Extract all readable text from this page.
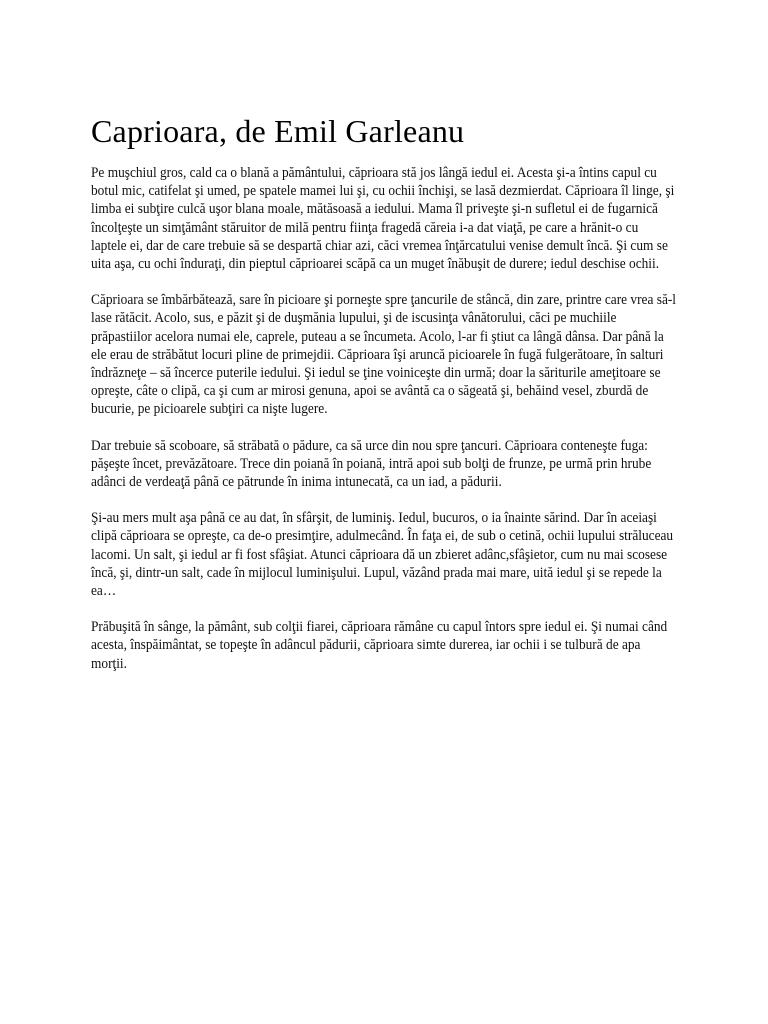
Caprioara, de Emil Garleanu

Pe muşchiul gros, cald ca o blană a pământului, căprioara stă jos lângă iedul ei. Acesta şi-a întins capul cu botul mic, catifelat şi umed, pe spatele mamei lui şi, cu ochii închişi, se lasă dezmierdat. Căprioara îl linge, şi limba ei subţire culcă uşor blana moale, mătăsoasă a iedului. Mama îl priveşte şi-n sufletul ei de fugarnică încolţeşte un simţământ stăruitor de milă pentru fiinţa fragedă căreia i-a dat viaţă, pe care a hrănit-o cu laptele ei, dar de care trebuie să se despartă chiar azi, căci vremea înţărcatului venise demult încă. Şi cum se uita aşa, cu ochi înduraţi, din pieptul căprioarei scăpă ca un muget înăbuşit de durere; iedul deschise ochii.

Căprioara se îmbărbătează, sare în picioare şi porneşte spre ţancurile de stâncă, din zare, printre care vrea să-l lase rătăcit. Acolo, sus, e păzit şi de duşmănia lupului, şi de iscusinţa vânătorului, căci pe muchiile prăpastiilor acelora numai ele, caprele, puteau a se încumeta. Acolo, l-ar fi ştiut ca lângă dânsa. Dar până la ele erau de străbătut locuri pline de primejdii. Căprioara îşi aruncă picioarele în fugă fulgerătoare, în salturi îndrăzneţe – să încerce puterile iedului. Şi iedul se ţine voiniceşte din urmă; doar la săriturile ameţitoare se opreşte, câte o clipă, ca şi cum ar mirosi genuna, apoi se avântă ca o săgeată şi, behăind vesel, zburdă de bucurie, pe picioarele subţiri ca nişte lugere.

Dar trebuie să scoboare, să străbată o pădure, ca să urce din nou spre ţancuri. Căprioara conteneşte fuga: păşeşte încet, prevăzătoare. Trece din poiană în poiană, intră apoi sub bolţi de frunze, pe urmă prin hrube adânci de verdeaţă până ce pătrunde în inima intunecată, ca un iad, a pădurii.

Şi-au mers mult aşa până ce au dat, în sfârşit, de luminiş. Iedul, bucuros, o ia înainte sărind. Dar în aceiaşi clipă căprioara se opreşte, ca de-o presimţire, adulmecând. În faţa ei, de sub o cetină, ochii lupului străluceau lacomi. Un salt, şi iedul ar fi fost sfâşiat. Atunci căprioara dă un zbieret adânc,sfâşietor, cum nu mai scosese încă, şi, dintr-un salt, cade în mijlocul luminişului. Lupul, văzând prada mai mare, uită iedul şi se repede la ea…

Prăbuşită în sânge, la pământ, sub colţii fiarei, căprioara rămâne cu capul întors spre iedul ei. Şi numai când acesta, înspăimântat, se topeşte în adâncul pădurii, căprioara simte durerea, iar ochii i se tulbură de apa morţii.
